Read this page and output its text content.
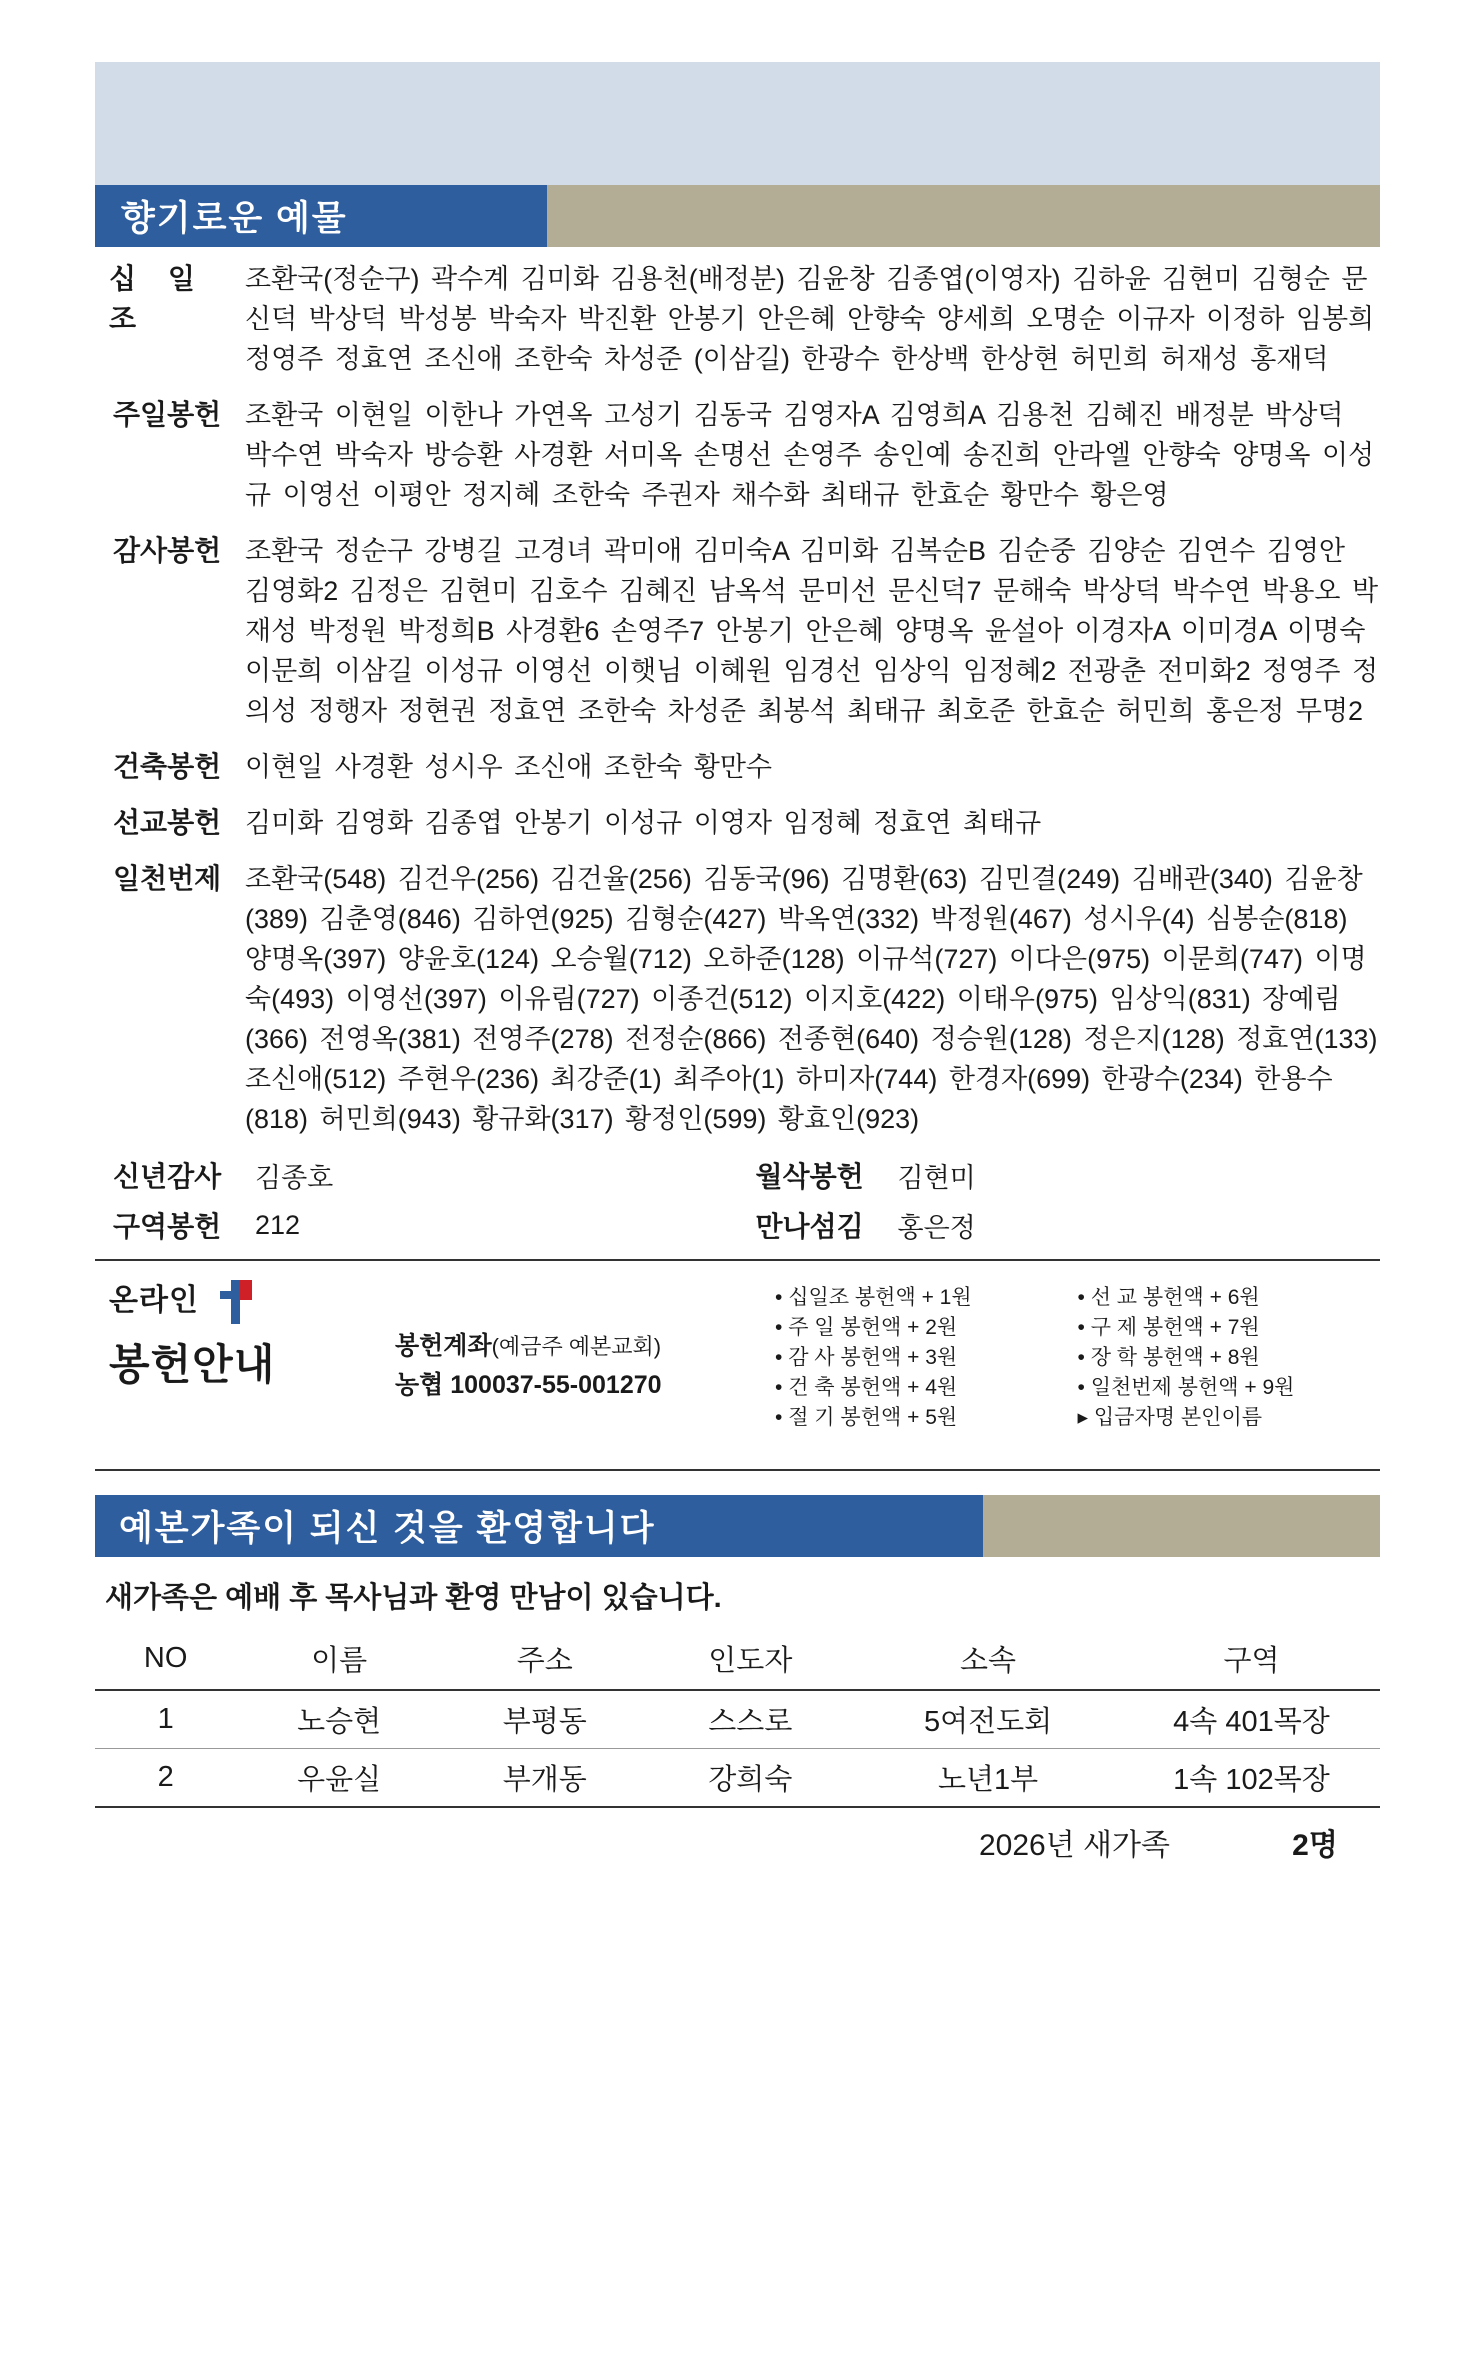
향기로운 예물
십 일 조
조환국(정순구) 곽수계 김미화 김용천(배정분) 김윤창 김종엽(이영자) 김하윤 김현미 김형순 문신덕 박상덕 박성봉 박숙자 박진환 안봉기 안은혜 안향숙 양세희 오명순 이규자 이정하 임봉희 정영주 정효연 조신애 조한숙 차성준 (이삼길) 한광수 한상백 한상현 허민희 허재성 홍재덕
주일봉헌 조환국 이현일 이한나 가연옥 고성기 김동국 김영자A 김영희A 김용천 김혜진 배정분 박상덕 박수연 박숙자 방승환 사경환 서미옥 손명선 손영주 송인예 송진희 안라엘 안향숙 양명옥 이성규 이영선 이평안 정지혜 조한숙 주권자 채수화 최태규 한효순 황만수 황은영
감사봉헌 조환국 정순구 강병길 고경녀 곽미애 김미숙A 김미화 김복순B 김순중 김양순 김연수 김영안 김영화2 김정은 김현미 김호수 김혜진 남옥석 문미선 문신덕7 문해숙 박상덕 박수연 박용오 박재성 박정원 박정희B 사경환6 손영주7 안봉기 안은혜 양명옥 윤설아 이경자A 이미경A 이명숙 이문희 이삼길 이성규 이영선 이햇님 이혜원 임경선 임상익 임정혜2 전광춘 전미화2 정영주 정의성 정행자 정현권 정효연 조한숙 차성준 최봉석 최태규 최호준 한효순 허민희 홍은정 무명2
건축봉헌 이현일 사경환 성시우 조신애 조한숙 황만수
선교봉헌 김미화 김영화 김종엽 안봉기 이성규 이영자 임정혜 정효연 최태규
일천번제 조환국(548) 김건우(256) 김건율(256) 김동국(96) 김명환(63) 김민결(249) 김배관(340) 김윤창(389) 김춘영(846) 김하연(925) 김형순(427) 박옥연(332) 박정원(467) 성시우(4) 심봉순(818) 양명옥(397) 양윤호(124) 오승월(712) 오하준(128) 이규석(727) 이다은(975) 이문희(747) 이명숙(493) 이영선(397) 이유림(727) 이종건(512) 이지호(422) 이태우(975) 임상익(831) 장예림(366) 전영옥(381) 전영주(278) 전정순(866) 전종현(640) 정승원(128) 정은지(128) 정효연(133) 조신애(512) 주현우(236) 최강준(1) 최주아(1) 하미자(744) 한경자(699) 한광수(234) 한용수(818) 허민희(943) 황규화(317) 황정인(599) 황효인(923)
신년감사	김종호	월삭봉헌	김현미
구역봉헌	212	만나섬김	홍은정
온라인
봉헌안내	봉헌계좌(예금주 예본교회)
농협 100037-55-001270
• 십일조 봉헌액 + 1원
• 주 일 봉헌액 + 2원
• 감 사 봉헌액 + 3원
• 건 축 봉헌액 + 4원
• 절 기 봉헌액 + 5원
• 선 교 봉헌액 + 6원
• 구 제 봉헌액 + 7원
• 장 학 봉헌액 + 8원
• 일천번제 봉헌액 + 9원
▸ 입금자명 본인이름
예본가족이 되신 것을 환영합니다
새가족은 예배 후 목사님과 환영 만남이 있습니다.
NO	이름	주소	인도자	소속	구역
1	노승현	부평동	스스로	5여전도회	4속 401목장
2	우윤실	부개동	강희숙	노년1부	1속 102목장
2026년 새가족	2명
